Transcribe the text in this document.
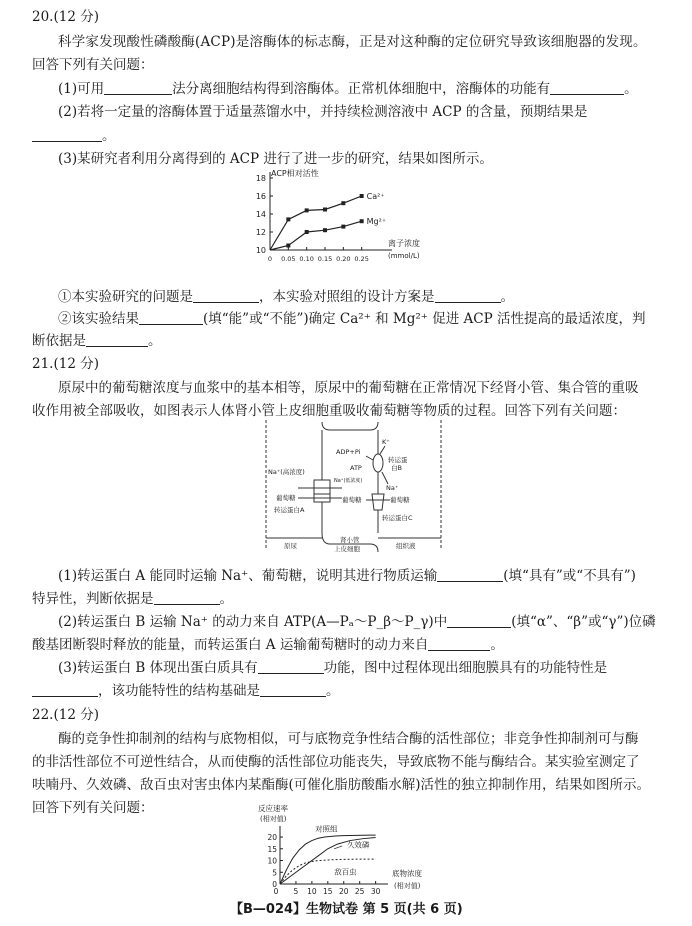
20.(12 分)
科学家发现酸性磷酸酶(ACP)是溶酶体的标志酶，正是对这种酶的定位研究导致该细胞器的发现。
回答下列有关问题：
(1)可用	法分离细胞结构得到溶酶体。正常机体细胞中，溶酶体的功能有	。
(2)若将一定量的溶酶体置于适量蒸馏水中，并持续检测溶液中 ACP 的含量，预期结果是
。
(3)某研究者利用分离得到的 ACP 进行了进一步的研究，结果如图所示。
10
12
14
16
18
0 0.05 0.10 0.15 0.20 0.25
ACP相对活性
离子浓度
(mmol/L)
Ca²⁺
Mg²⁺
①本实验研究的问题是	，本实验对照组的设计方案是	。
②该实验结果	(填“能”或“不能”)确定 Ca²⁺ 和 Mg²⁺ 促进 ACP 活性提高的最适浓度，判
断依据是	。
21.(12 分)
原尿中的葡萄糖浓度与血浆中的基本相等，原尿中的葡萄糖在正常情况下经肾小管、集合管的重吸
收作用被全部吸收，如图表示人体肾小管上皮细胞重吸收葡萄糖等物质的过程。回答下列有关问题：
K⁺
ADP+Pi
ATP
转运蛋
白B
Na⁺
Na⁺(高浓度)
Na⁺(低浓度)
葡萄糖	葡萄糖	葡萄糖
转运蛋白A
转运蛋白C
原尿
肾小管
上皮细胞	组织液
(1)转运蛋白 A 能同时运输 Na⁺、葡萄糖，说明其进行物质运输	(填“具有”或“不具有”)
特异性，判断依据是	。
(2)转运蛋白 B 运输 Na⁺ 的动力来自 ATP(A—Pₐ～P_β～P_γ)中	(填“α”、“β”或“γ”)位磷
酸基团断裂时释放的能量，而转运蛋白 A 运输葡萄糖时的动力来自	。
(3)转运蛋白 B 体现出蛋白质具有	功能，图中过程体现出细胞膜具有的功能特性是
，该功能特性的结构基础是	。
22.(12 分)
酶的竞争性抑制剂的结构与底物相似，可与底物竞争性结合酶的活性部位；非竞争性抑制剂可与酶
的非活性部位不可逆性结合，从而使酶的活性部位功能丧失，导致底物不能与酶结合。某实验室测定了
呋喃丹、久效磷、敌百虫对害虫体内某酯酶(可催化脂肪酸酯水解)活性的独立抑制作用，结果如图所示。
回答下列有关问题：
0
5
10
15
20
5 10 15 20 25 30
0
反应速率
(相对值)
底物浓度
(相对值)
对照组
久效磷
敌百虫
【B—024】生物试卷 第 5 页(共 6 页)
